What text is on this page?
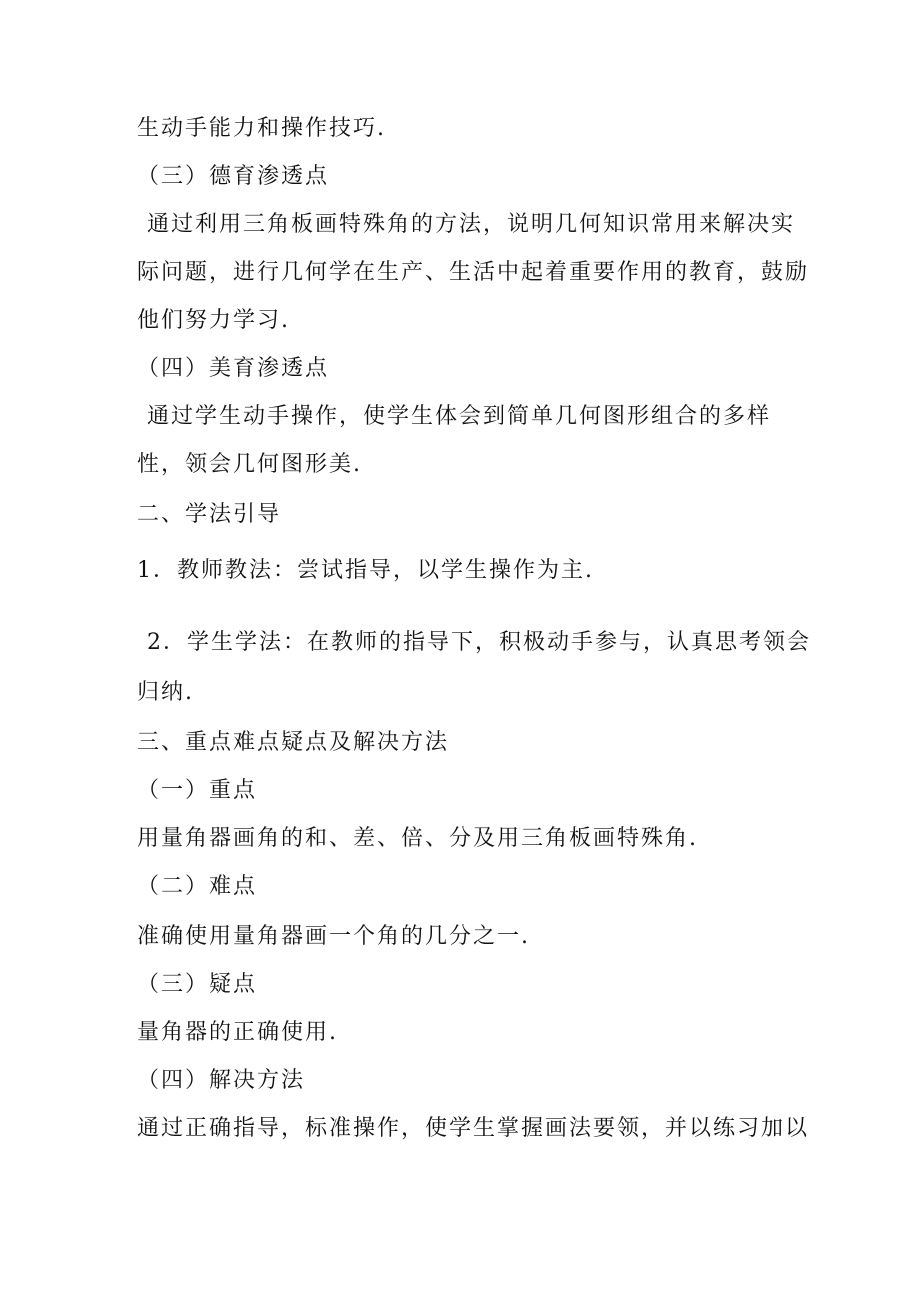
生动手能力和操作技巧.
（三）德育渗透点
通过利用三角板画特殊角的方法，说明几何知识常用来解决实
际问题，进行几何学在生产、生活中起着重要作用的教育，鼓励
他们努力学习.
（四）美育渗透点
通过学生动手操作，使学生体会到简单几何图形组合的多样
性，领会几何图形美.
二、学法引导
1．教师教法：尝试指导，以学生操作为主.
2．学生学法：在教师的指导下，积极动手参与，认真思考领会
归纳.
三、重点难点疑点及解决方法
（一）重点
用量角器画角的和、差、倍、分及用三角板画特殊角.
（二）难点
准确使用量角器画一个角的几分之一.
（三）疑点
量角器的正确使用.
（四）解决方法
通过正确指导，标准操作，使学生掌握画法要领，并以练习加以
